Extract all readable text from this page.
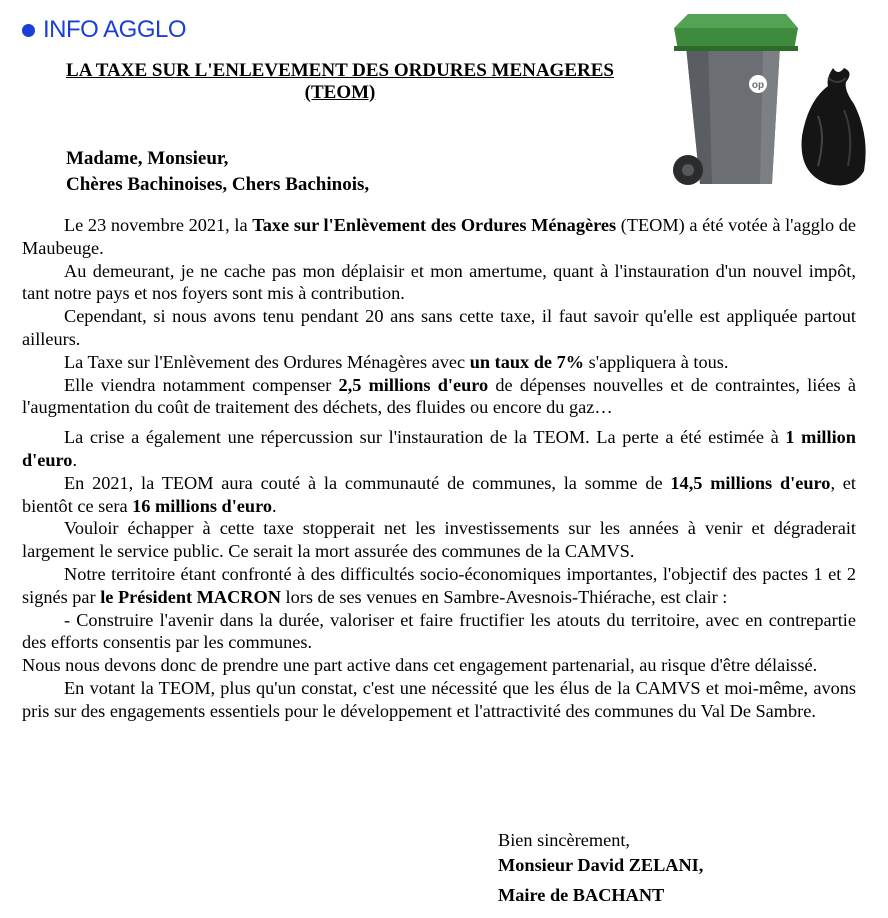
INFO AGGLO
LA TAXE SUR L'ENLEVEMENT DES ORDURES MENAGERES
(TEOM)
Madame, Monsieur,
Chères Bachinoises, Chers Bachinois,
op

Le 23 novembre 2021, la Taxe sur l'Enlèvement des Ordures Ménagères (TEOM) a été votée à l'agglo de Maubeuge.

Au demeurant, je ne cache pas mon déplaisir et mon amertume, quant à l'instauration d'un nouvel impôt, tant notre pays et nos foyers sont mis à contribution.

Cependant, si nous avons tenu pendant 20 ans sans cette taxe, il faut savoir qu'elle est appliquée partout ailleurs.

La Taxe sur l'Enlèvement des Ordures Ménagères avec un taux de 7% s'appliquera à tous.

Elle viendra notamment compenser 2,5 millions d'euro de dépenses nouvelles et de contraintes, liées à l'augmentation du coût de traitement des déchets, des fluides ou encore du gaz…

La crise a également une répercussion sur l'instauration de la TEOM. La perte a été estimée à 1 million d'euro.

En 2021, la TEOM aura couté à la communauté de communes, la somme de 14,5 millions d'euro, et bientôt ce sera 16 millions d'euro.

Vouloir échapper à cette taxe stopperait net les investissements sur les années à venir et dégraderait largement le service public. Ce serait la mort assurée des communes de la CAMVS.

Notre territoire étant confronté à des difficultés socio-économiques importantes, l'objectif des pactes 1 et 2 signés par le Président MACRON lors de ses venues en Sambre-Avesnois-Thiérache, est clair :

- Construire l'avenir dans la durée, valoriser et faire fructifier les atouts du territoire, avec en contrepartie des efforts consentis par les communes.

Nous nous devons donc de prendre une part active dans cet engagement partenarial, au risque d'être délaissé.

En votant la TEOM, plus qu'un constat, c'est une nécessité que les élus de la CAMVS et moi-même, avons pris sur des engagements essentiels pour le développement et l'attractivité des communes du Val De Sambre.

Bien sincèrement,
Monsieur David ZELANI,
Maire de BACHANT
